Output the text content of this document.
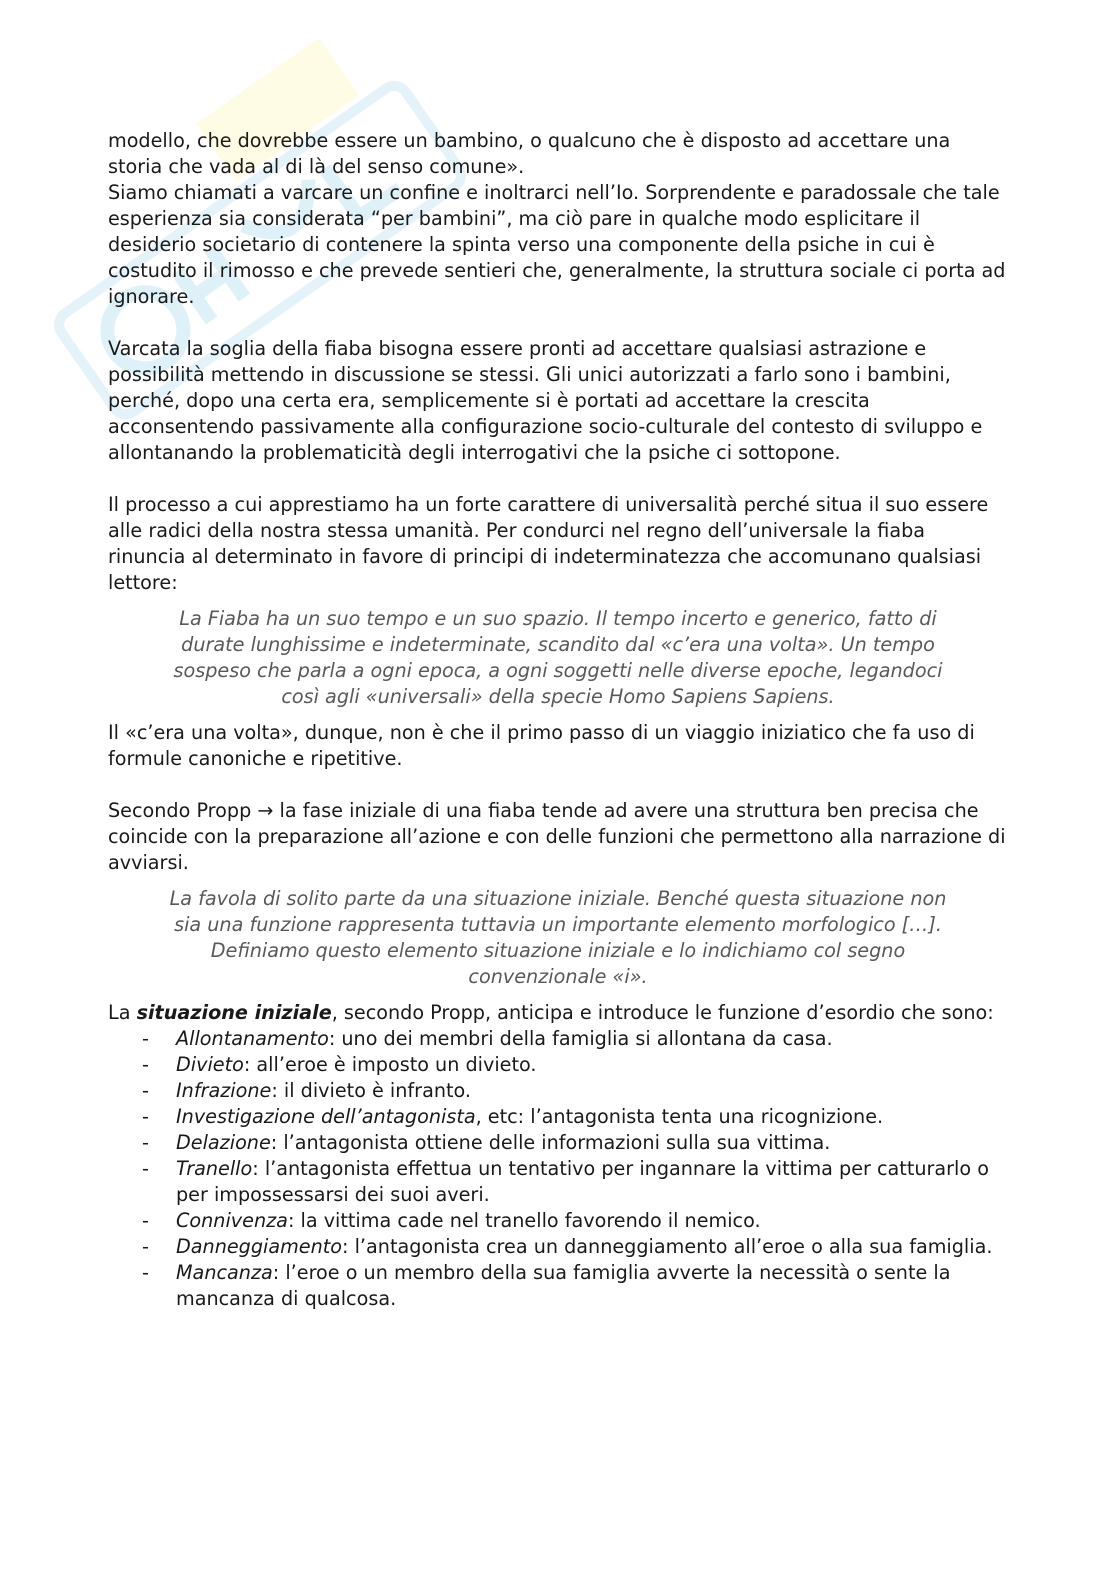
modello, che dovrebbe essere un bambino, o qualcuno che è disposto ad accettare una storia che vada al di là del senso comune».

Siamo chiamati a varcare un confine e inoltrarci nell’Io. Sorprendente e paradossale che tale esperienza sia considerata “per bambini”, ma ciò pare in qualche modo esplicitare il desiderio societario di contenere la spinta verso una componente della psiche in cui è costudito il rimosso e che prevede sentieri che, generalmente, la struttura sociale ci porta ad ignorare.

Varcata la soglia della fiaba bisogna essere pronti ad accettare qualsiasi astrazione e possibilità mettendo in discussione se stessi. Gli unici autorizzati a farlo sono i bambini, perché, dopo una certa era, semplicemente si è portati ad accettare la crescita acconsentendo passivamente alla configurazione socio-culturale del contesto di sviluppo e allontanando la problematicità degli interrogativi che la psiche ci sottopone.

Il processo a cui apprestiamo ha un forte carattere di universalità perché situa il suo essere alle radici della nostra stessa umanità. Per condurci nel regno dell’universale la fiaba rinuncia al determinato in favore di principi di indeterminatezza che accomunano qualsiasi lettore:

La Fiaba ha un suo tempo e un suo spazio. Il tempo incerto e generico, fatto di durate lunghissime e indeterminate, scandito dal «c’era una volta». Un tempo sospeso che parla a ogni epoca, a ogni soggetti nelle diverse epoche, legandoci così agli «universali» della specie Homo Sapiens Sapiens.

Il «c’era una volta», dunque, non è che il primo passo di un viaggio iniziatico che fa uso di formule canoniche e ripetitive.

Secondo Propp → la fase iniziale di una fiaba tende ad avere una struttura ben precisa che coincide con la preparazione all’azione e con delle funzioni che permettono alla narrazione di avviarsi.

La favola di solito parte da una situazione iniziale. Benché questa situazione non sia una funzione rappresenta tuttavia un importante elemento morfologico […]. Definiamo questo elemento situazione iniziale e lo indichiamo col segno convenzionale «i».

La situazione iniziale, secondo Propp, anticipa e introduce le funzione d’esordio che sono:

- Allontanamento: uno dei membri della famiglia si allontana da casa.
- Divieto: all’eroe è imposto un divieto.
- Infrazione: il divieto è infranto.
- Investigazione dell’antagonista, etc: l’antagonista tenta una ricognizione.
- Delazione: l’antagonista ottiene delle informazioni sulla sua vittima.
- Tranello: l’antagonista effettua un tentativo per ingannare la vittima per catturarlo o per impossessarsi dei suoi averi.
- Connivenza: la vittima cade nel tranello favorendo il nemico.
- Danneggiamento: l’antagonista crea un danneggiamento all’eroe o alla sua famiglia.
- Mancanza: l’eroe o un membro della sua famiglia avverte la necessità o sente la mancanza di qualcosa.
